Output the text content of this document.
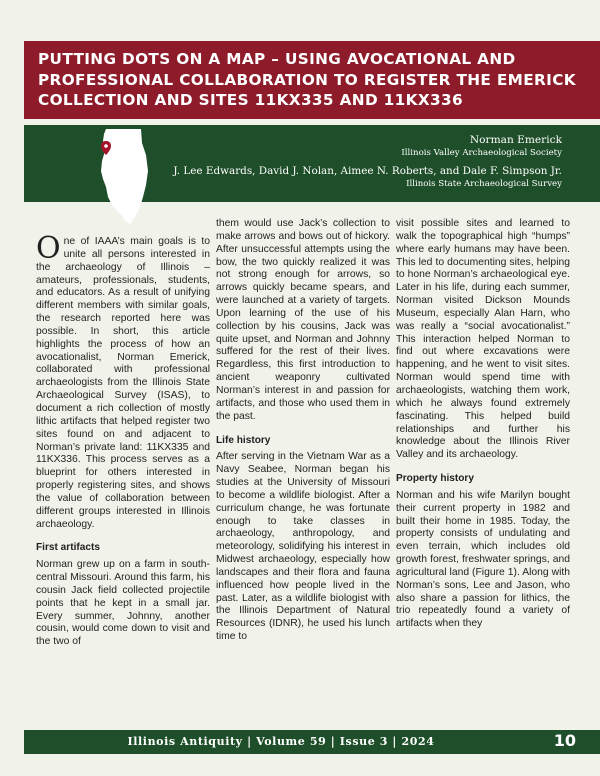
PUTTING DOTS ON A MAP – USING AVOCATIONAL AND PROFESSIONAL COLLABORATION TO REGISTER THE EMERICK COLLECTION AND SITES 11KX335 AND 11KX336
Norman Emerick
Illinois Valley Archaeological Society
J. Lee Edwards, David J. Nolan, Aimee N. Roberts, and Dale F. Simpson Jr.
Illinois State Archaeological Survey

One of IAAA’s main goals is to unite all persons interested in the archaeology of Illinois – amateurs, professionals, students, and educators. As a result of unifying different members with similar goals, the research reported here was possible. In short, this article highlights the process of how an avocationalist, Norman Emerick, collaborated with professional archaeologists from the Illinois State Archaeological Survey (ISAS), to document a rich collection of mostly lithic artifacts that helped register two sites found on and adjacent to Norman’s private land: 11KX335 and 11KX336. This process serves as a blueprint for others interested in properly registering sites, and shows the value of collaboration between different groups interested in Illinois archaeology.

First artifacts

Norman grew up on a farm in south-central Missouri. Around this farm, his cousin Jack field collected projectile points that he kept in a small jar. Every summer, Johnny, another cousin, would come down to visit and the two of

them would use Jack’s collection to make arrows and bows out of hickory. After unsuccessful attempts using the bow, the two quickly realized it was not strong enough for arrows, so arrows quickly became spears, and were launched at a variety of targets. Upon learning of the use of his collection by his cousins, Jack was quite upset, and Norman and Johnny suffered for the rest of their lives. Regardless, this first introduction to ancient weaponry cultivated Norman’s interest in and passion for artifacts, and those who used them in the past.

Life history

After serving in the Vietnam War as a Navy Seabee, Norman began his studies at the University of Missouri to become a wildlife biologist. After a curriculum change, he was fortunate enough to take classes in archaeology, anthropology, and meteorology, solidifying his interest in Midwest archaeology, especially how landscapes and their flora and fauna influenced how people lived in the past. Later, as a wildlife biologist with the Illinois Department of Natural Resources (IDNR), he used his lunch time to

visit possible sites and learned to walk the topographical high “humps” where early humans may have been. This led to documenting sites, helping to hone Norman’s archaeological eye. Later in his life, during each summer, Norman visited Dickson Mounds Museum, especially Alan Harn, who was really a “social avocationalist.” This interaction helped Norman to find out where excavations were happening, and he went to visit sites. Norman would spend time with archaeologists, watching them work, which he always found extremely fascinating. This helped build relationships and further his knowledge about the Illinois River Valley and its archaeology.

Property history

Norman and his wife Marilyn bought their current property in 1982 and built their home in 1985. Today, the property consists of undulating and even terrain, which includes old growth forest, freshwater springs, and agricultural land (Figure 1). Along with Norman’s sons, Lee and Jason, who also share a passion for lithics, the trio repeatedly found a variety of artifacts when they

Illinois Antiquity | Volume 59 | Issue 3 | 2024	10
